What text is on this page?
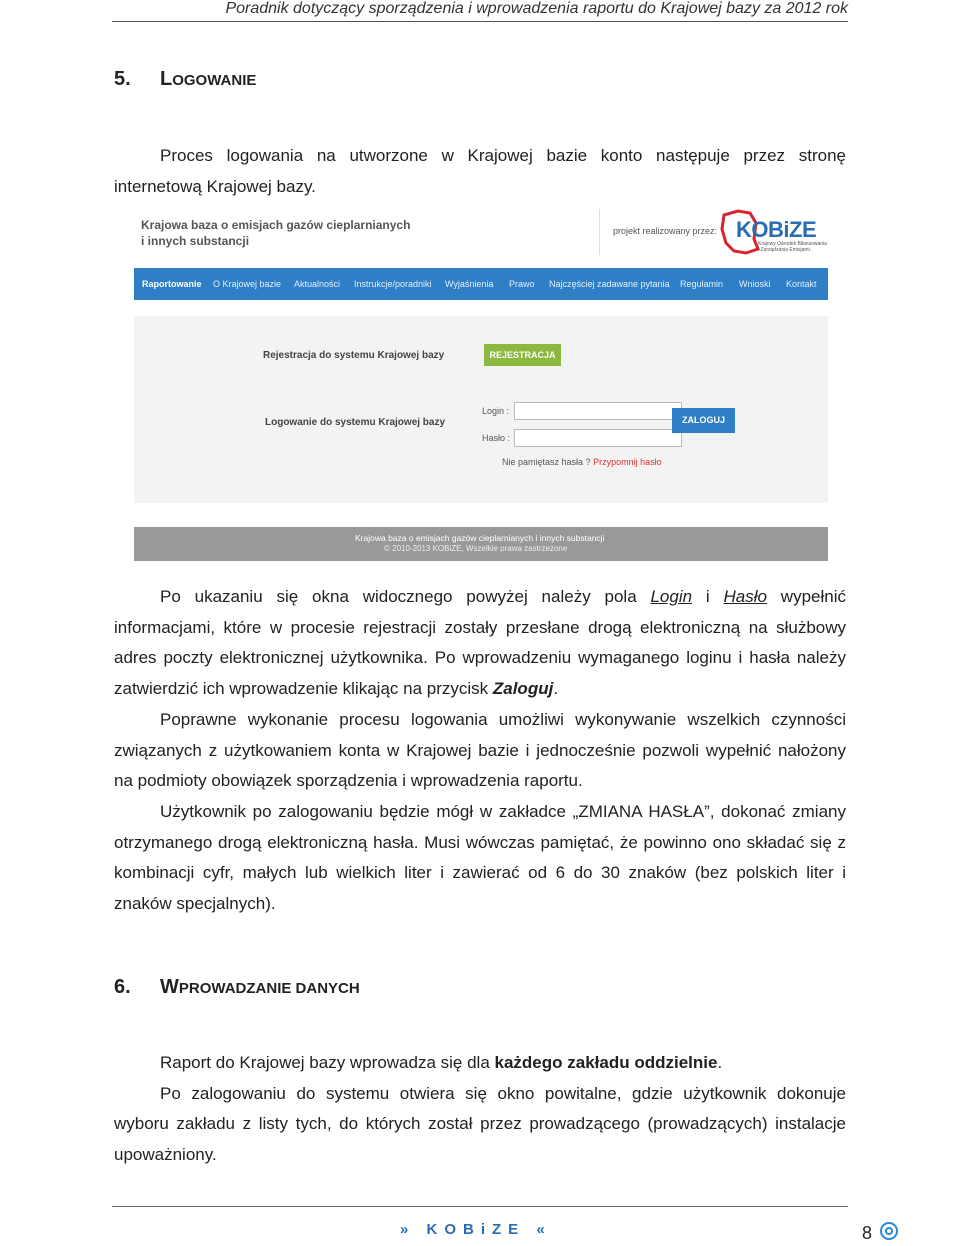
Poradnik dotyczący sporządzenia i wprowadzenia raportu do Krajowej bazy za 2012 rok
5. LOGOWANIE

Proces logowania na utworzone w Krajowej bazie konto następuje przez stronę internetową Krajowej bazy.

Krajowa baza o emisjach gazów cieplarnianych
i innych substancji
projekt realizowany przez: KOBiZE
Krajowy Ośrodek Bilansowania
i Zarządzania Emisjami
Raportowanie O Krajowej bazie Aktualności Instrukcje/poradniki Wyjaśnienia Prawo Najczęściej zadawane pytania Regulamin Wnioski Kontakt
Rejestracja do systemu Krajowej bazy	REJESTRACJA
Logowanie do systemu Krajowej bazy
Login :
Hasło :
ZALOGUJ
Nie pamiętasz hasła ? Przypomnij hasło
Krajowa baza o emisjach gazów cieplarnianych i innych substancji
© 2010-2013 KOBiZE, Wszelkie prawa zastrzeżone

Po ukazaniu się okna widocznego powyżej należy pola Login i Hasło wypełnić informacjami, które w procesie rejestracji zostały przesłane drogą elektroniczną na służbowy adres poczty elektronicznej użytkownika. Po wprowadzeniu wymaganego loginu i hasła należy zatwierdzić ich wprowadzenie klikając na przycisk Zaloguj.

Poprawne wykonanie procesu logowania umożliwi wykonywanie wszelkich czynności związanych z użytkowaniem konta w Krajowej bazie i jednocześnie pozwoli wypełnić nałożony na podmioty obowiązek sporządzenia i wprowadzenia raportu.

Użytkownik po zalogowaniu będzie mógł w zakładce „ZMIANA HASŁA”, dokonać zmiany otrzymanego drogą elektroniczną hasła. Musi wówczas pamiętać, że powinno ono składać się z kombinacji cyfr, małych lub wielkich liter i zawierać od 6 do 30 znaków (bez polskich liter i znaków specjalnych).

6. WPROWADZANIE DANYCH

Raport do Krajowej bazy wprowadza się dla każdego zakładu oddzielnie.

Po zalogowaniu do systemu otwiera się okno powitalne, gdzie użytkownik dokonuje wyboru zakładu z listy tych, do których został przez prowadzącego (prowadzących) instalacje upoważniony.

» KOBiZE «	8
